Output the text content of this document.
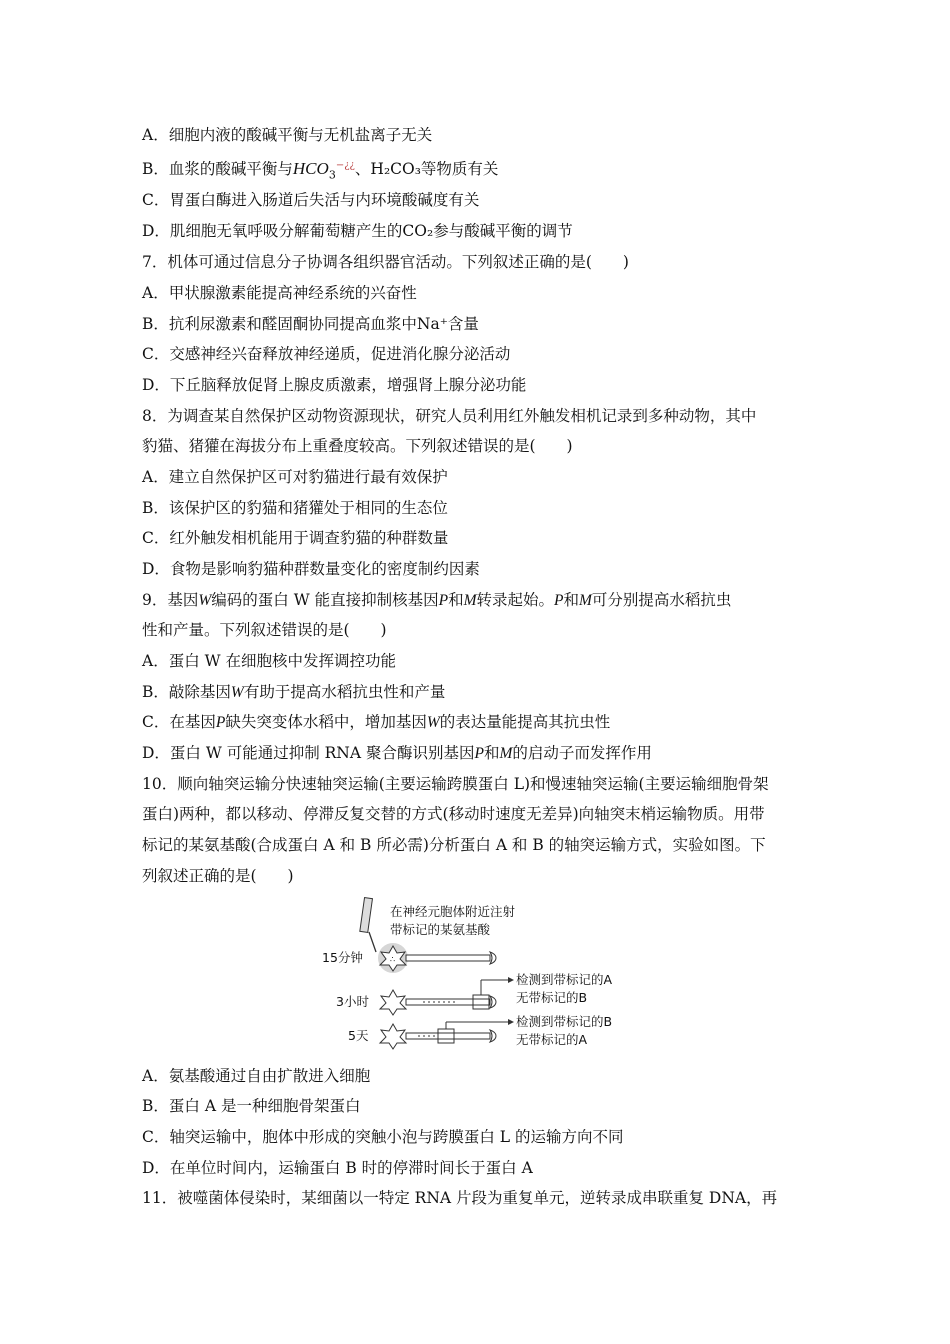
A．细胞内液的酸碱平衡与无机盐离子无关
B．血浆的酸碱平衡与$HCO_3^{-¿¿}$、H₂CO₃等物质有关
C．胃蛋白酶进入肠道后失活与内环境酸碱度有关
D．肌细胞无氧呼吸分解葡萄糖产生的CO₂参与酸碱平衡的调节
7．机体可通过信息分子协调各组织器官活动。下列叙述正确的是(　　)
A．甲状腺激素能提高神经系统的兴奋性
B．抗利尿激素和醛固酮协同提高血浆中Na⁺含量
C．交感神经兴奋释放神经递质，促进消化腺分泌活动
D．下丘脑释放促肾上腺皮质激素，增强肾上腺分泌功能
8．为调查某自然保护区动物资源现状，研究人员利用红外触发相机记录到多种动物，其中
豹猫、猪獾在海拔分布上重叠度较高。下列叙述错误的是(　　)
A．建立自然保护区可对豹猫进行最有效保护
B．该保护区的豹猫和猪獾处于相同的生态位
C．红外触发相机能用于调查豹猫的种群数量
D．食物是影响豹猫种群数量变化的密度制约因素
9．基因W编码的蛋白 W 能直接抑制核基因P和M转录起始。P和M可分别提高水稻抗虫
性和产量。下列叙述错误的是(　　)
A．蛋白 W 在细胞核中发挥调控功能
B．敲除基因W有助于提高水稻抗虫性和产量
C．在基因P缺失突变体水稻中，增加基因W的表达量能提高其抗虫性
D．蛋白 W 可能通过抑制 RNA 聚合酶识别基因P和M的启动子而发挥作用
10．顺向轴突运输分快速轴突运输(主要运输跨膜蛋白 L)和慢速轴突运输(主要运输细胞骨架
蛋白)两种，都以移动、停滞反复交替的方式(移动时速度无差异)向轴突末梢运输物质。用带
标记的某氨基酸(合成蛋白 A 和 B 所必需)分析蛋白 A 和 B 的轴突运输方式，实验如图。下
列叙述正确的是(　　)
在神经元胞体附近注射
带标记的某氨基酸
15分钟	∴
3小时
检测到带标记的A
无带标记的B
5天
检测到带标记的B
无带标记的A
A．氨基酸通过自由扩散进入细胞
B．蛋白 A 是一种细胞骨架蛋白
C．轴突运输中，胞体中形成的突触小泡与跨膜蛋白 L 的运输方向不同
D．在单位时间内，运输蛋白 B 时的停滞时间长于蛋白 A
11．被噬菌体侵染时，某细菌以一特定 RNA 片段为重复单元，逆转录成串联重复 DNA，再
